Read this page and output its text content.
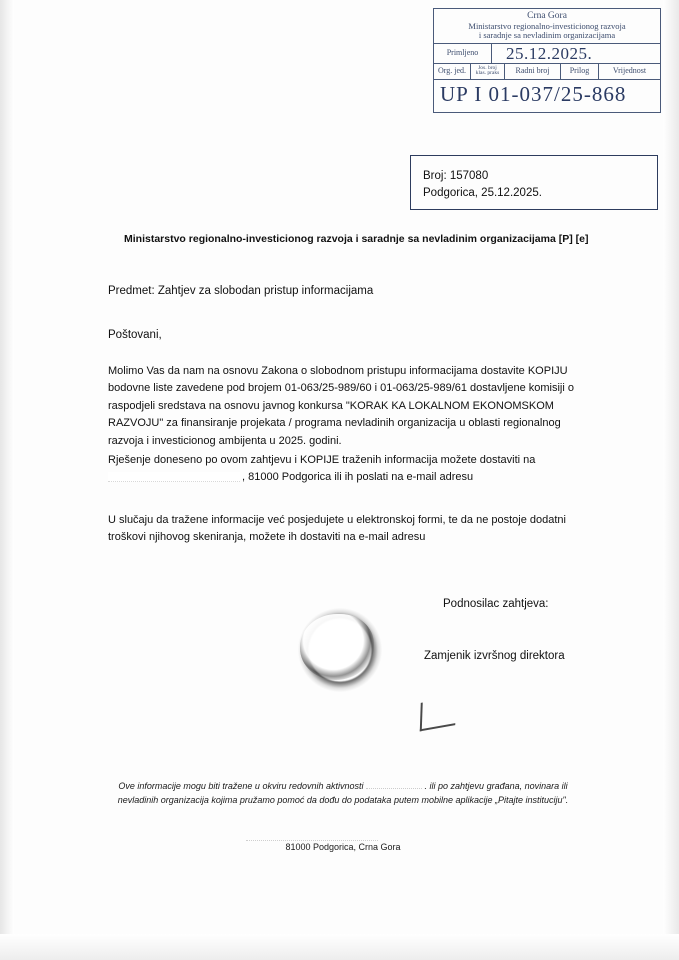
Crna Gora
Ministarstvo regionalno-investicionog razvoja
i saradnje sa nevladinim organizacijama
Primljeno	25.12.2025.
Org. jed.	Jos. broj klas. praks	Radni broj	Prilog	Vrijednost
UP I 01-037/25-868
Broj: 157080
Podgorica, 25.12.2025.
Ministarstvo regionalno-investicionog razvoja i saradnje sa nevladinim organizacijama [P] [e]
Predmet: Zahtjev za slobodan pristup informacijama
Poštovani,
Molimo Vas da nam na osnovu Zakona o slobodnom pristupu informacijama dostavite KOPIJU bodovne liste zavedene pod brojem 01-063/25-989/60 i 01-063/25-989/61 dostavljene komisiji o raspodjeli sredstava na osnovu javnog konkursa "KORAK KA LOKALNOM EKONOMSKOM RAZVOJU" za finansiranje projekata / programa nevladinih organizacija u oblasti regionalnog razvoja i investicionog ambijenta u 2025. godini.
Rješenje doneseno po ovom zahtjevu i KOPIJE traženih informacija možete dostaviti na
, 81000 Podgorica ili ih poslati na e-mail adresu
U slučaju da tražene informacije već posjedujete u elektronskoj formi, te da ne postoje dodatni troškovi njihovog skeniranja, možete ih dostaviti na e-mail adresu
Podnosilac zahtjeva:
Zamjenik izvršnog direktora
Ove informacije mogu biti tražene u okviru redovnih aktivnosti	. ili po zahtjevu građana, novinara ili nevladinih organizacija kojima pružamo pomoć da dođu do podataka putem mobilne aplikacije „Pitajte instituciju".
81000 Podgorica, Crna Gora
